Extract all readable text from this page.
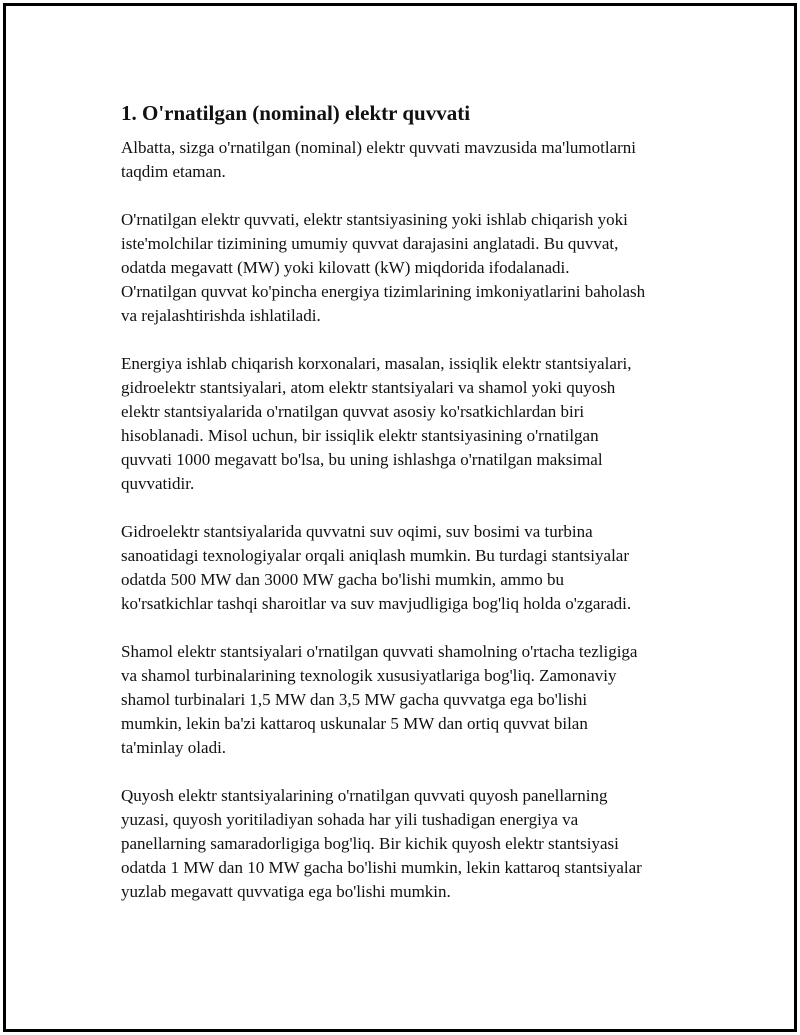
1. O'rnatilgan (nominal) elektr quvvati

Albatta, sizga o'rnatilgan (nominal) elektr quvvati mavzusida ma'lumotlarni
taqdim etaman.

O'rnatilgan elektr quvvati, elektr stantsiyasining yoki ishlab chiqarish yoki
iste'molchilar tizimining umumiy quvvat darajasini anglatadi. Bu quvvat,
odatda megavatt (MW) yoki kilovatt (kW) miqdorida ifodalanadi.
O'rnatilgan quvvat ko'pincha energiya tizimlarining imkoniyatlarini baholash
va rejalashtirishda ishlatiladi.

Energiya ishlab chiqarish korxonalari, masalan, issiqlik elektr stantsiyalari,
gidroelektr stantsiyalari, atom elektr stantsiyalari va shamol yoki quyosh
elektr stantsiyalarida o'rnatilgan quvvat asosiy ko'rsatkichlardan biri
hisoblanadi. Misol uchun, bir issiqlik elektr stantsiyasining o'rnatilgan
quvvati 1000 megavatt bo'lsa, bu uning ishlashga o'rnatilgan maksimal
quvvatidir.

Gidroelektr stantsiyalarida quvvatni suv oqimi, suv bosimi va turbina
sanoatidagi texnologiyalar orqali aniqlash mumkin. Bu turdagi stantsiyalar
odatda 500 MW dan 3000 MW gacha bo'lishi mumkin, ammo bu
ko'rsatkichlar tashqi sharoitlar va suv mavjudligiga bog'liq holda o'zgaradi.

Shamol elektr stantsiyalari o'rnatilgan quvvati shamolning o'rtacha tezligiga
va shamol turbinalarining texnologik xususiyatlariga bog'liq. Zamonaviy
shamol turbinalari 1,5 MW dan 3,5 MW gacha quvvatga ega bo'lishi
mumkin, lekin ba'zi kattaroq uskunalar 5 MW dan ortiq quvvat bilan
ta'minlay oladi.

Quyosh elektr stantsiyalarining o'rnatilgan quvvati quyosh panellarning
yuzasi, quyosh yoritiladiyan sohada har yili tushadigan energiya va
panellarning samaradorligiga bog'liq. Bir kichik quyosh elektr stantsiyasi
odatda 1 MW dan 10 MW gacha bo'lishi mumkin, lekin kattaroq stantsiyalar
yuzlab megavatt quvvatiga ega bo'lishi mumkin.
